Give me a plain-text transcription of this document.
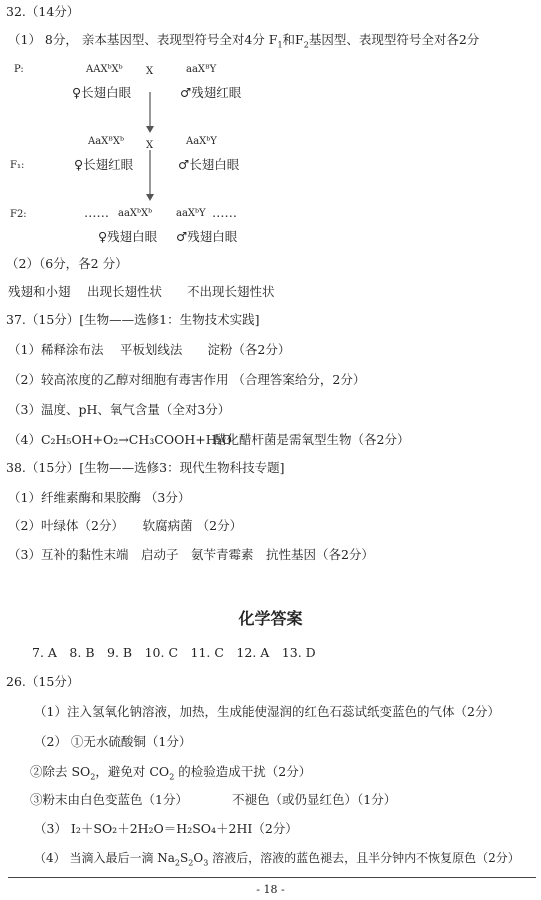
32.（14分）
（1） 8分， 亲本基因型、表现型符号全对4分 $F_1$和$F_2$基因型、表现型符号全对各2分
P:	AAXᵇXᵇ X	aaXᴮY
♀长翅白眼	♂残翅红眼
AaXᴮXᵇ X	AaXᵇY
F₁:	♀长翅红眼	♂长翅白眼
F2:	…… aaXᵇXᵇ aaXᵇY ……
♀残翅白眼 ♂残翅白眼
（2）（6分，各2 分）
残翅和小翅　 出现长翅性状　　不出现长翅性状
37.（15分）[生物——选修1：生物技术实践]
（1）稀释涂布法　 平板划线法　　淀粉（各2分）
（2）较高浓度的乙醇对细胞有毒害作用 （合理答案给分，2分）
（3）温度、pH、氧气含量（全对3分）
（4）C₂H₅OH+O₂→CH₃COOH+H₂O
醋化醋杆菌是需氧型生物（各2分）
38.（15分）[生物——选修3：现代生物科技专题]
（1）纤维素酶和果胶酶 （3分）
（2）叶绿体（2分）　　软腐病菌 （2分）
（3）互补的黏性末端　启动子　氨苄青霉素　抗性基因（各2分）
化学答案
7. A　8. B　9. B　10. C　11. C　12. A　13. D
26.（15分）
（1）注入氢氧化钠溶液，加热，生成能使湿润的红色石蕊试纸变蓝色的气体（2分）
（2） ①无水硫酸铜（1分）
②除去 $SO_2$，避免对 $CO_2$ 的检验造成干扰（2分）
③粉末由白色变蓝色（1分）	不褪色（或仍显红色）（1分）
（3） I₂＋SO₂＋2H₂O＝H₂SO₄＋2HI（2分）
（4） 当滴入最后一滴 $Na_2S_2O_3$ 溶液后，溶液的蓝色褪去，且半分钟内不恢复原色（2分）
- 18 -
